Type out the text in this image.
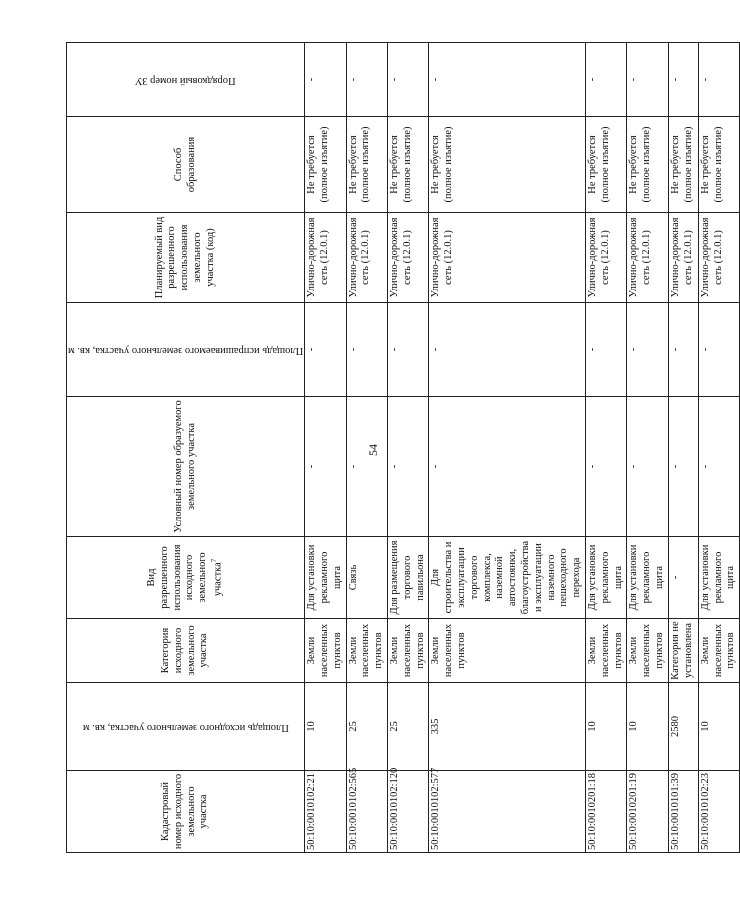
54
Кадастровый номер исходного земельного участка	Площадь исходного земельного участка, кв. м	Категория исходного земельного участка	Вид разрешенного использования исходного земельного участка$^7$	Условный номер образуемого земельного участка	Площадь испрашиваемого земельного участка, кв. м	Планируемый вид разрешенного использования земельного участка (код)	Способ образования	Порядковый номер ЗУ

50:10:0010102:21	10	Земли населенных пунктов	Для установки рекламного щита	-	-	Улично-дорожная сеть (12.0.1)	Не требуется (полное изъятие)	-
50:10:0010102:565	25	Земли населенных пунктов	Связь	-	-	Улично-дорожная сеть (12.0.1)	Не требуется (полное изъятие)	-
50:10:0010102:120	25	Земли населенных пунктов	Для размещения торгового павильона	-	-	Улично-дорожная сеть (12.0.1)	Не требуется (полное изъятие)	-
50:10:0010102:577	335	Земли населенных пунктов	Для строительства и эксплуатации торгового комплекса, наземной автостоянки, благоустройства и эксплуатации наземного пешеходного перехода	-	-	Улично-дорожная сеть (12.0.1)	Не требуется (полное изъятие)	-
50:10:0010201:18	10	Земли населенных пунктов	Для установки рекламного щита	-	-	Улично-дорожная сеть (12.0.1)	Не требуется (полное изъятие)	-
50:10:0010201:19	10	Земли населенных пунктов	Для установки рекламного щита	-	-	Улично-дорожная сеть (12.0.1)	Не требуется (полное изъятие)	-
50:10:0010101:39	2580	Категория не установлена	-	-	-	Улично-дорожная сеть (12.0.1)	Не требуется (полное изъятие)	-
50:10:0010102:23	10	Земли населенных пунктов	Для установки рекламного щита	-	-	Улично-дорожная сеть (12.0.1)	Не требуется (полное изъятие)	-
